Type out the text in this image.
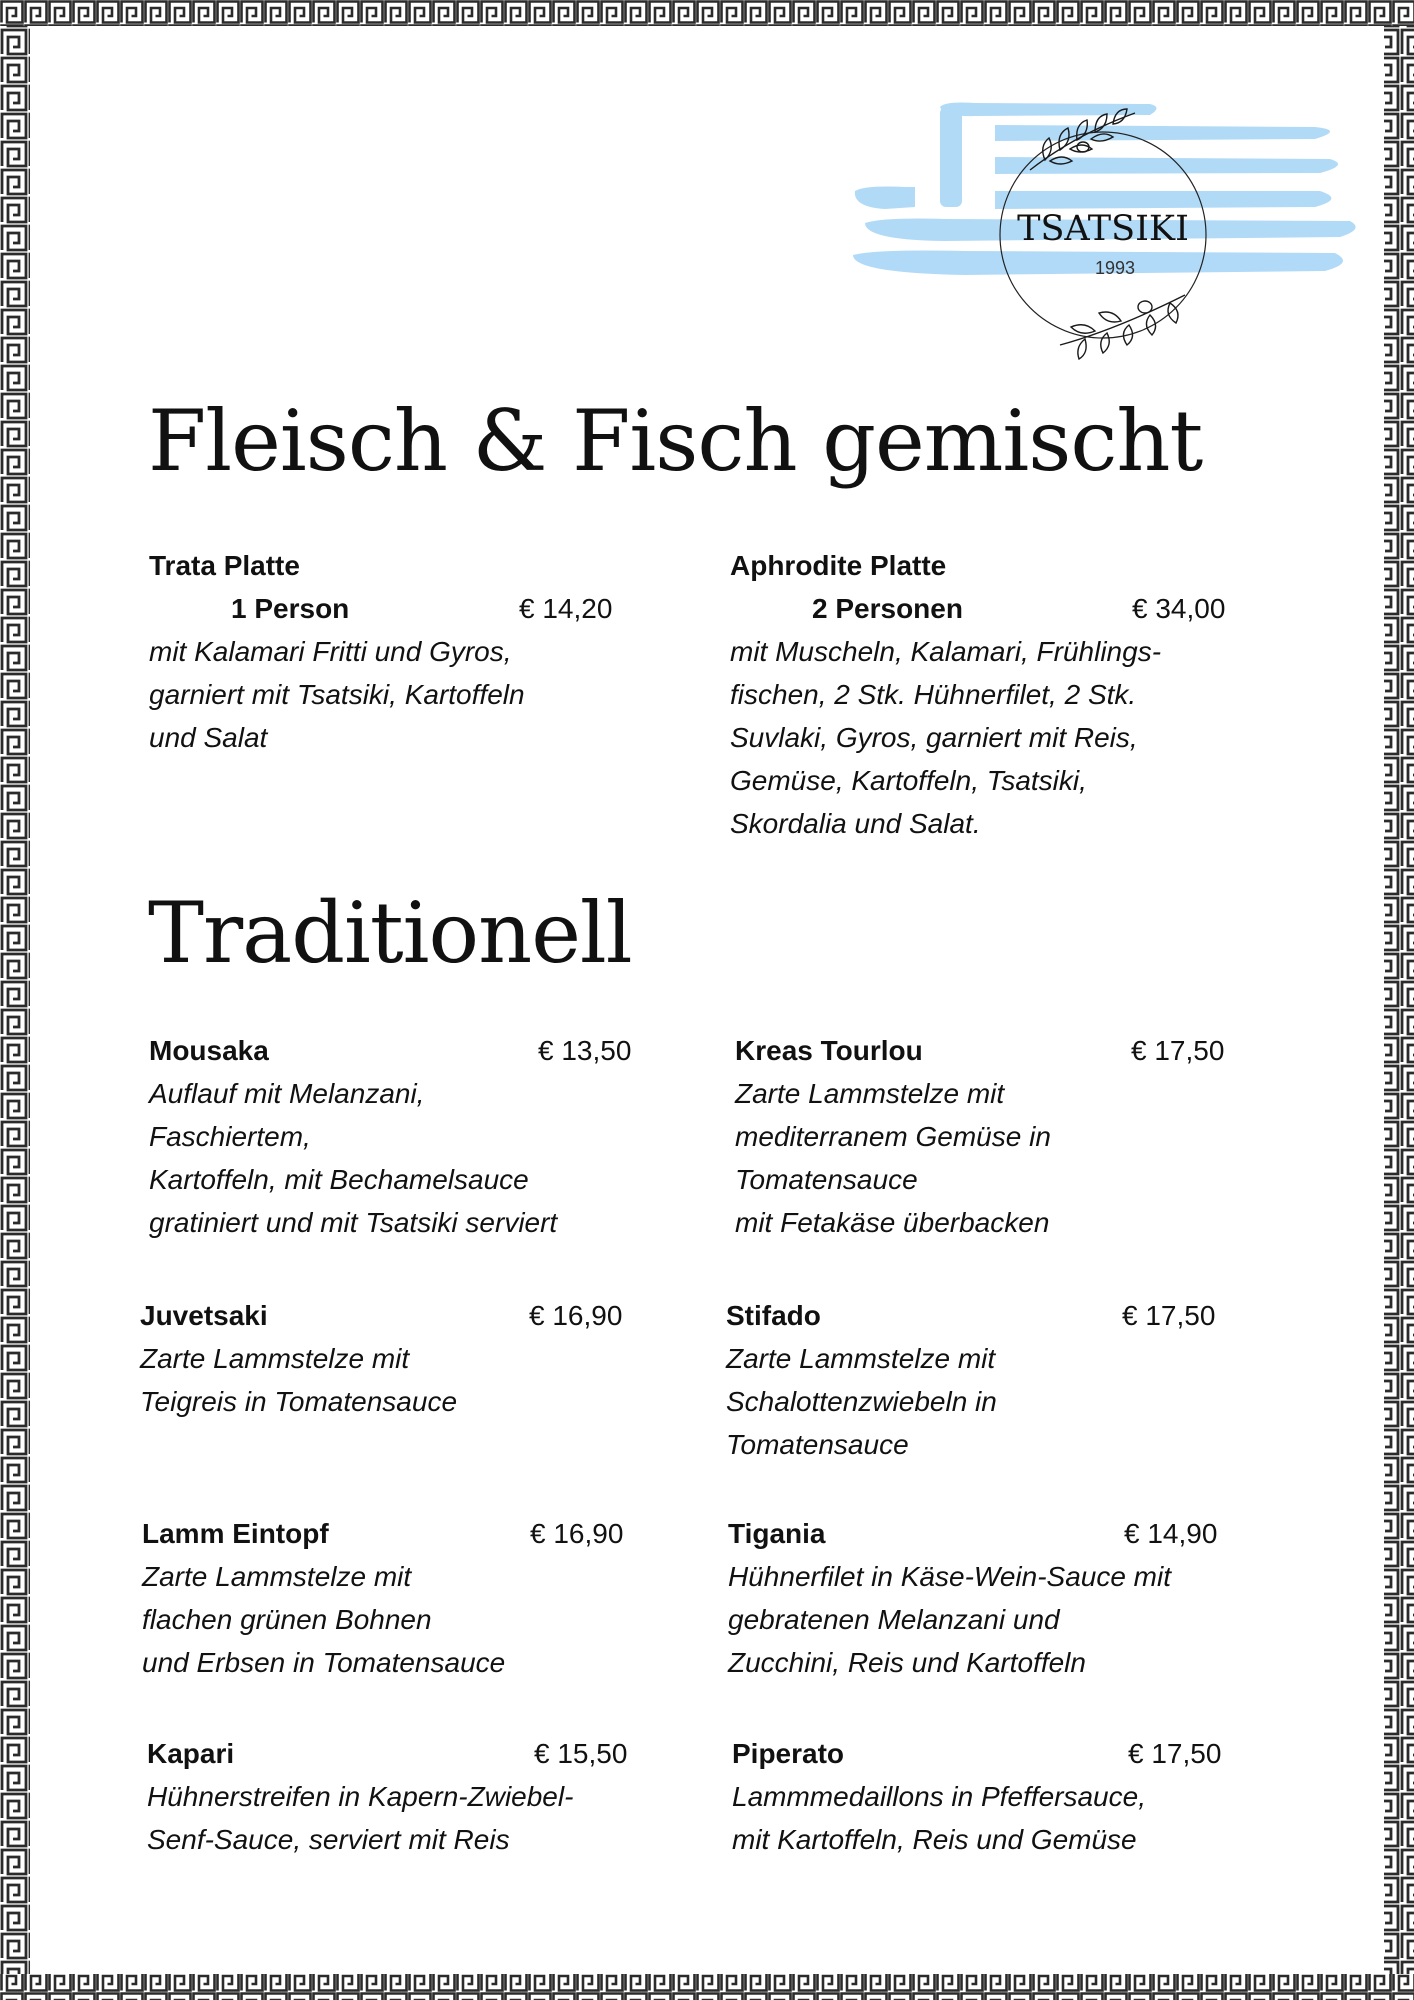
TSATSIKI
1993
Fleisch & Fisch gemischt
Trata Platte
1 Person	€ 14,20
mit Kalamari Fritti und Gyros,
garniert mit Tsatsiki, Kartoffeln
und Salat
Aphrodite Platte
2 Personen	€ 34,00
mit Muscheln, Kalamari, Frühlings-
fischen, 2 Stk. Hühnerfilet, 2 Stk.
Suvlaki, Gyros, garniert mit Reis,
Gemüse, Kartoffeln, Tsatsiki,
Skordalia und Salat.
Traditionell
Mousaka	€ 13,50
Auflauf mit Melanzani,
Faschiertem,
Kartoffeln, mit Bechamelsauce
gratiniert und mit Tsatsiki serviert
Kreas Tourlou	€ 17,50
Zarte Lammstelze mit
mediterranem Gemüse in
Tomatensauce
mit Fetakäse überbacken
Juvetsaki	€ 16,90
Zarte Lammstelze mit
Teigreis in Tomatensauce
Stifado	€ 17,50
Zarte Lammstelze mit
Schalottenzwiebeln in
Tomatensauce
Lamm Eintopf	€ 16,90
Zarte Lammstelze mit
flachen grünen Bohnen
und Erbsen in Tomatensauce
Tigania	€ 14,90
Hühnerfilet in Käse-Wein-Sauce mit
gebratenen Melanzani und
Zucchini, Reis und Kartoffeln
Kapari	€ 15,50
Hühnerstreifen in Kapern-Zwiebel-
Senf-Sauce, serviert mit Reis
Piperato	€ 17,50
Lammmedaillons in Pfeffersauce,
mit Kartoffeln, Reis und Gemüse
